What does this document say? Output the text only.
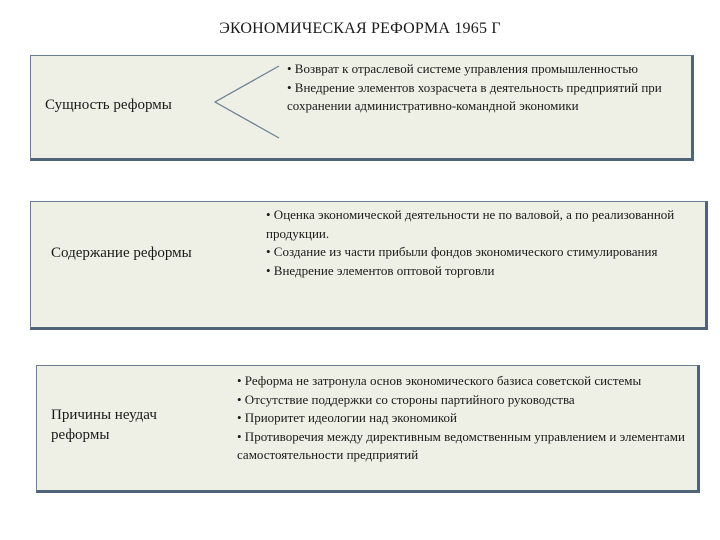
ЭКОНОМИЧЕСКАЯ РЕФОРМА 1965 Г
Сущность реформы
• Возврат к отраслевой системе управления промышленностью
• Внедрение элементов хозрасчета в деятельность предприятий при сохранении административно-командной экономики
Содержание реформы
• Оценка экономической деятельности не по валовой, а по реализованной продукции.
• Создание из части прибыли фондов экономического стимулирования
• Внедрение элементов оптовой торговли
Причины неудач реформы
• Реформа не затронула основ экономического базиса советской системы
• Отсутствие поддержки со стороны партийного руководства
• Приоритет идеологии над экономикой
• Противоречия между директивным ведомственным управлением и элементами самостоятельности предприятий
